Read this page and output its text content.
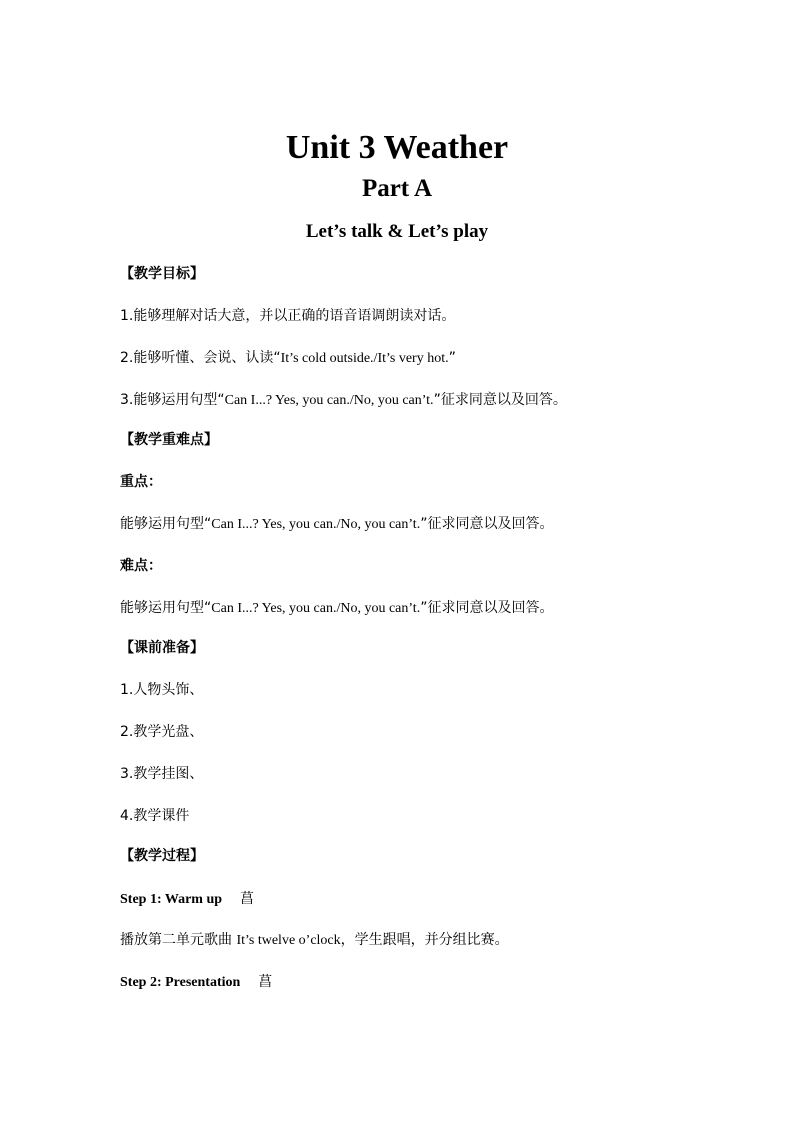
Unit 3 Weather
Part A
Let’s talk & Let’s play
【教学目标】
1.能够理解对话大意，并以正确的语音语调朗读对话。
2.能够听懂、会说、认读“It’s cold outside./It’s very hot.”
3.能够运用句型“Can I...? Yes, you can./No, you can’t.”征求同意以及回答。
【教学重难点】
重点：
能够运用句型“Can I...? Yes, you can./No, you can’t.”征求同意以及回答。
难点：
能够运用句型“Can I...? Yes, you can./No, you can’t.”征求同意以及回答。
【课前准备】
1.人物头饰、
2.教学光盘、
3.教学挂图、
4.教学课件
【教学过程】
Step 1: Warm up 菖
播放第二单元歌曲 It’s twelve o’clock，学生跟唱，并分组比赛。
Step 2: Presentation 菖
